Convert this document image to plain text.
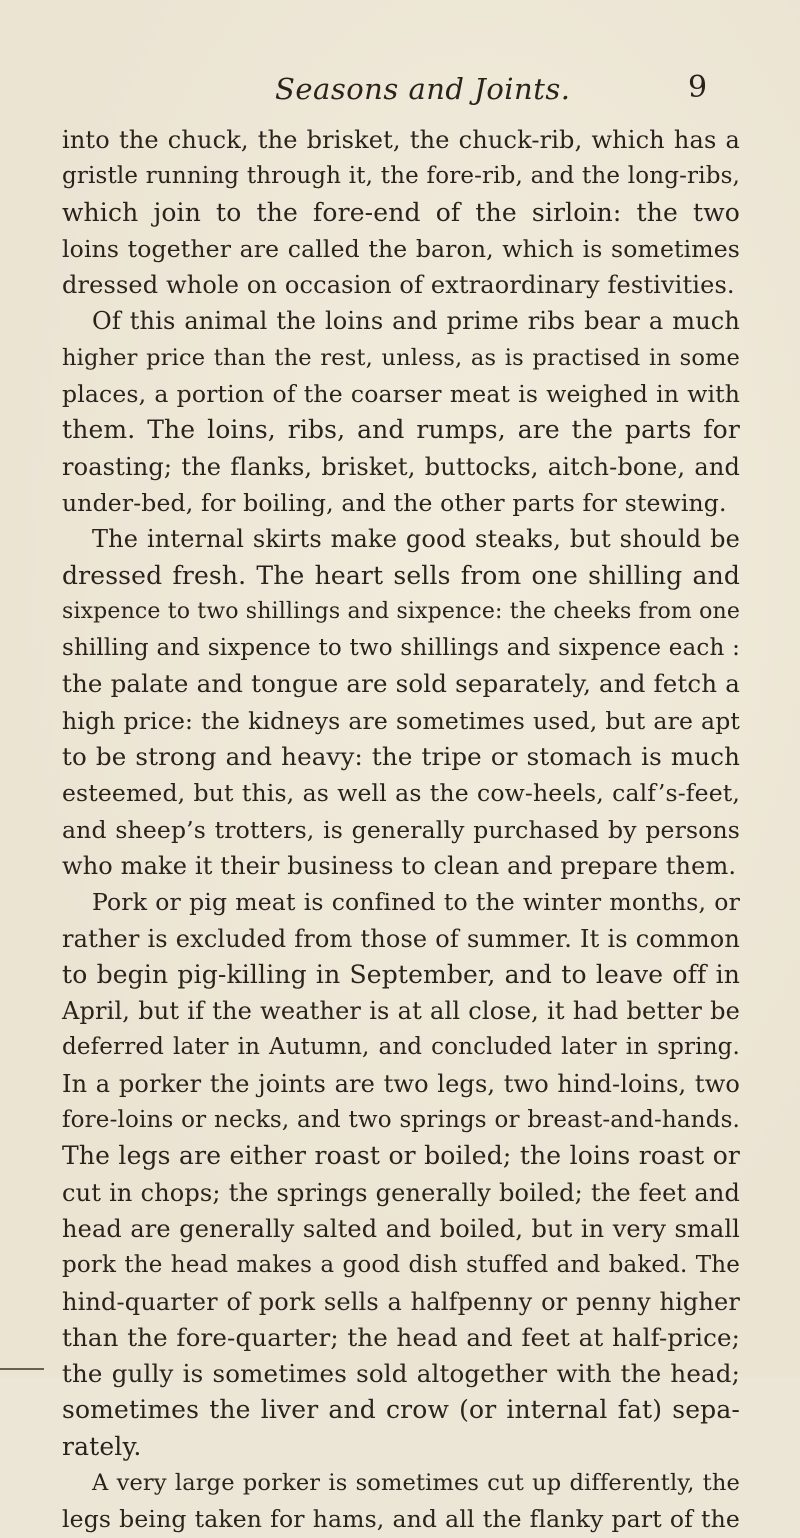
Seasons and Joints.	9
into the chuck, the brisket, the chuck-rib, which has a
gristle running through it, the fore-rib, and the long-ribs,
which join to the fore-end of the sirloin: the two
loins together are called the baron, which is sometimes
dressed whole on occasion of extraordinary festivities.
Of this animal the loins and prime ribs bear a much
higher price than the rest, unless, as is practised in some
places, a portion of the coarser meat is weighed in with
them. The loins, ribs, and rumps, are the parts for
roasting; the flanks, brisket, buttocks, aitch-bone, and
under-bed, for boiling, and the other parts for stewing.
The internal skirts make good steaks, but should be
dressed fresh. The heart sells from one shilling and
sixpence to two shillings and sixpence: the cheeks from one
shilling and sixpence to two shillings and sixpence each :
the palate and tongue are sold separately, and fetch a
high price: the kidneys are sometimes used, but are apt
to be strong and heavy: the tripe or stomach is much
esteemed, but this, as well as the cow-heels, calf’s-feet,
and sheep’s trotters, is generally purchased by persons
who make it their business to clean and prepare them.
Pork or pig meat is confined to the winter months, or
rather is excluded from those of summer. It is common
to begin pig-killing in September, and to leave off in
April, but if the weather is at all close, it had better be
deferred later in Autumn, and concluded later in spring.
In a porker the joints are two legs, two hind-loins, two
fore-loins or necks, and two springs or breast-and-hands.
The legs are either roast or boiled; the loins roast or
cut in chops; the springs generally boiled; the feet and
head are generally salted and boiled, but in very small
pork the head makes a good dish stuffed and baked. The
hind-quarter of pork sells a halfpenny or penny higher
than the fore-quarter; the head and feet at half-price;
the gully is sometimes sold altogether with the head;
sometimes the liver and crow (or internal fat) sepa-
rately.
A very large porker is sometimes cut up differently, the
legs being taken for hams, and all the flanky part of the
